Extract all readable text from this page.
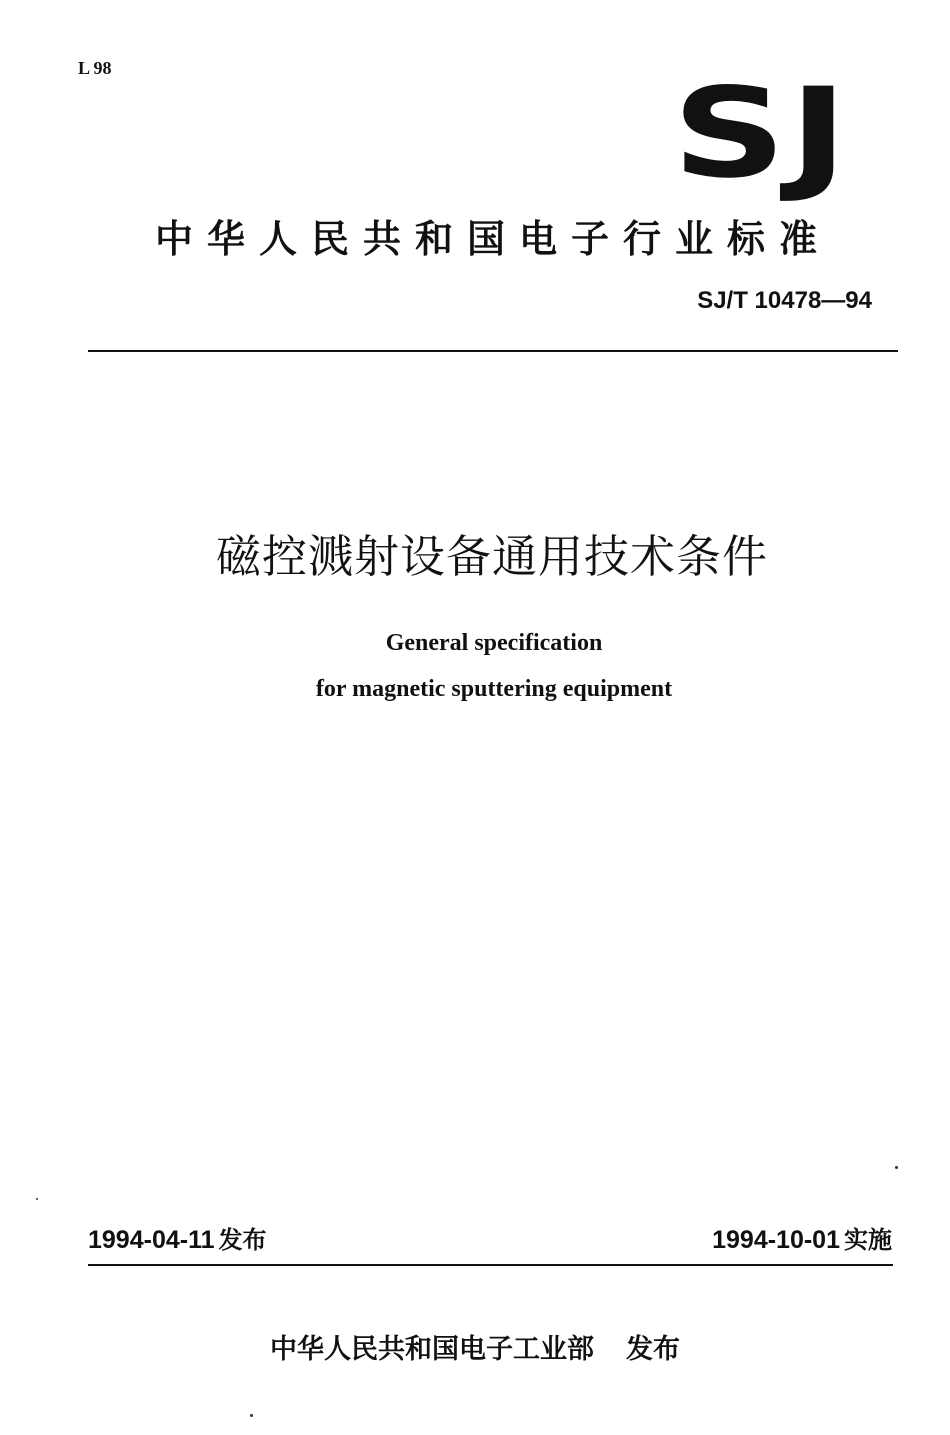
L 98	SJ
中华人民共和国电子行业标准
SJ/T 10478—94
磁控溅射设备通用技术条件
General specification
for magnetic sputtering equipment
1994-04-11 发布	1994-10-01 实施
中华人民共和国电子工业部 发布
